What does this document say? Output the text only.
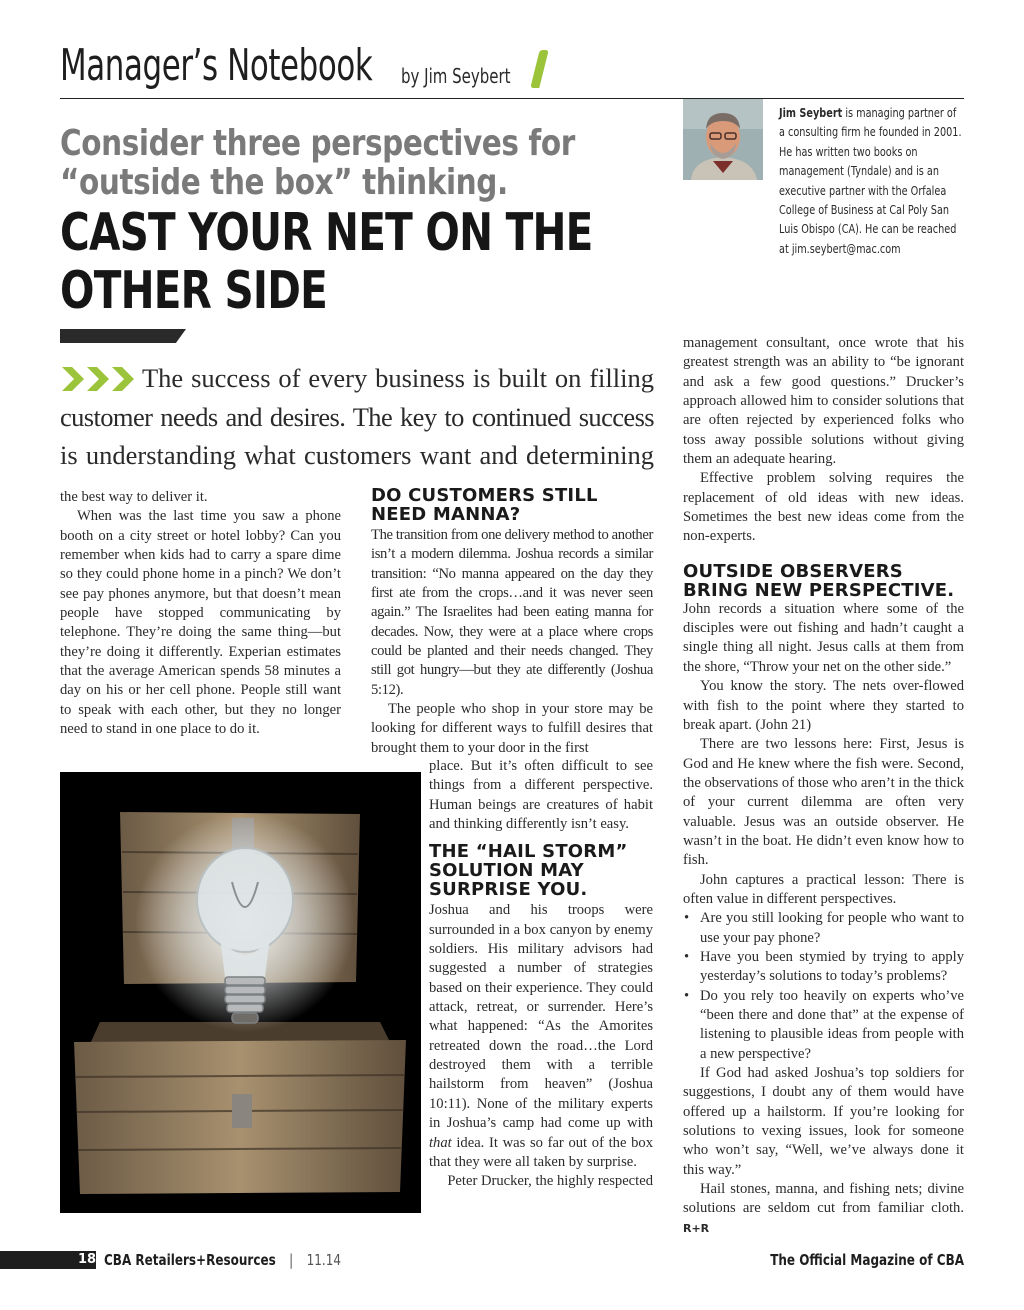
Manager’s Notebook	by Jim Seybert
Consider three perspectives for “outside the box” thinking.
CAST YOUR NET ON THE
OTHER SIDE
Jim Seybert is managing partner of a consulting firm he founded in 2001. He has written two books on management (Tyndale) and is an executive partner with the Orfalea College of Business at Cal Poly San Luis Obispo (CA). He can be reached at jim.seybert@mac.com
The success of every business is built on filling
customer needs and desires. The key to continued success
is understanding what customers want and determining

the best way to deliver it.

When was the last time you saw a phone booth on a city street or hotel lobby? Can you remember when kids had to carry a spare dime so they could phone home in a pinch? We don’t see pay phones anymore, but that doesn’t mean people have stopped communicating by telephone. They’re doing the same thing—but they’re doing it differently. Experian estimates that the average American spends 58 minutes a day on his or her cell phone. People still want to speak with each other, but they no longer need to stand in one place to do it.

DO CUSTOMERS STILL NEED MANNA?

The transition from one delivery method to another isn’t a modern dilemma. Joshua records a similar transition: “No manna appeared on the day they first ate from the crops…and it was never seen again.” The Israelites had been eating manna for decades. Now, they were at a place where crops could be planted and their needs changed. They still got hungry—but they ate differently (Joshua 5:12).

The people who shop in your store may be looking for different ways to fulfill desires that brought them to your door in the first

place. But it’s often difficult to see things from a different perspective. Human beings are creatures of habit and thinking differently isn’t easy.

THE “HAIL STORM” SOLUTION MAY SURPRISE YOU.

Joshua and his troops were surrounded in a box canyon by enemy soldiers. His military advisors had suggested a number of strategies based on their experience. They could attack, retreat, or surrender. Here’s what happened: “As the Amorites retreated down the road…the Lord destroyed them with a terrible hailstorm from heaven” (Joshua 10:11). None of the military experts in Joshua’s camp had come up with that idea. It was so far out of the box that they were all taken by surprise.

Peter Drucker, the highly respected

management consultant, once wrote that his greatest strength was an ability to “be ignorant and ask a few good questions.” Drucker’s approach allowed him to consider solutions that are often rejected by experienced folks who toss away possible solutions without giving them an adequate hearing.

Effective problem solving requires the replacement of old ideas with new ideas. Sometimes the best new ideas come from the non-experts.

OUTSIDE OBSERVERS BRING NEW PERSPECTIVE.

John records a situation where some of the disciples were out fishing and hadn’t caught a single thing all night. Jesus calls at them from the shore, “Throw your net on the other side.”

You know the story. The nets over-flowed with fish to the point where they started to break apart. (John 21)

There are two lessons here: First, Jesus is God and He knew where the fish were. Second, the observations of those who aren’t in the thick of your current dilemma are often very valuable. Jesus was an outside observer. He wasn’t in the boat. He didn’t even know how to fish.

John captures a practical lesson: There is often value in different perspectives.

• Are you still looking for people who want to use your pay phone?
• Have you been stymied by trying to apply yesterday’s solutions to today’s problems?
• Do you rely too heavily on experts who’ve “been there and done that” at the expense of listening to plausible ideas from people with a new perspective?

If God had asked Joshua’s top soldiers for suggestions, I doubt any of them would have offered up a hailstorm. If you’re looking for solutions to vexing issues, look for someone who won’t say, “Well, we’ve always done it this way.”

Hail stones, manna, and fishing nets; divine solutions are seldom cut from familiar cloth. R+R

18 CBA Retailers+Resources | 11.14	The Official Magazine of CBA
